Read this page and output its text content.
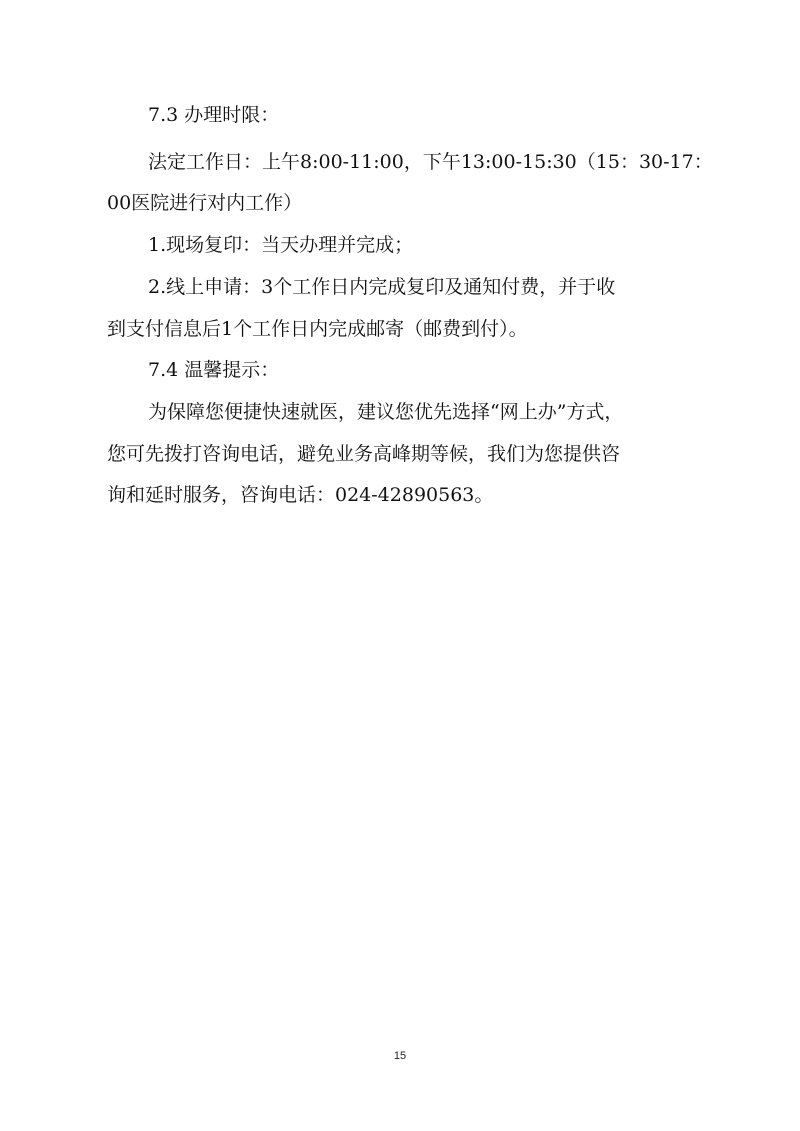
7.3 办理时限：
法定工作日：上午8:00-11:00，下午13:00-15:30（15：30-17：
00医院进行对内工作）
1.现场复印：当天办理并完成；
2.线上申请：3个工作日内完成复印及通知付费，并于收
到支付信息后1个工作日内完成邮寄（邮费到付）。
7.4 温馨提示：
为保障您便捷快速就医，建议您优先选择“网上办”方式，
您可先拨打咨询电话，避免业务高峰期等候，我们为您提供咨
询和延时服务，咨询电话：024-42890563。
15
